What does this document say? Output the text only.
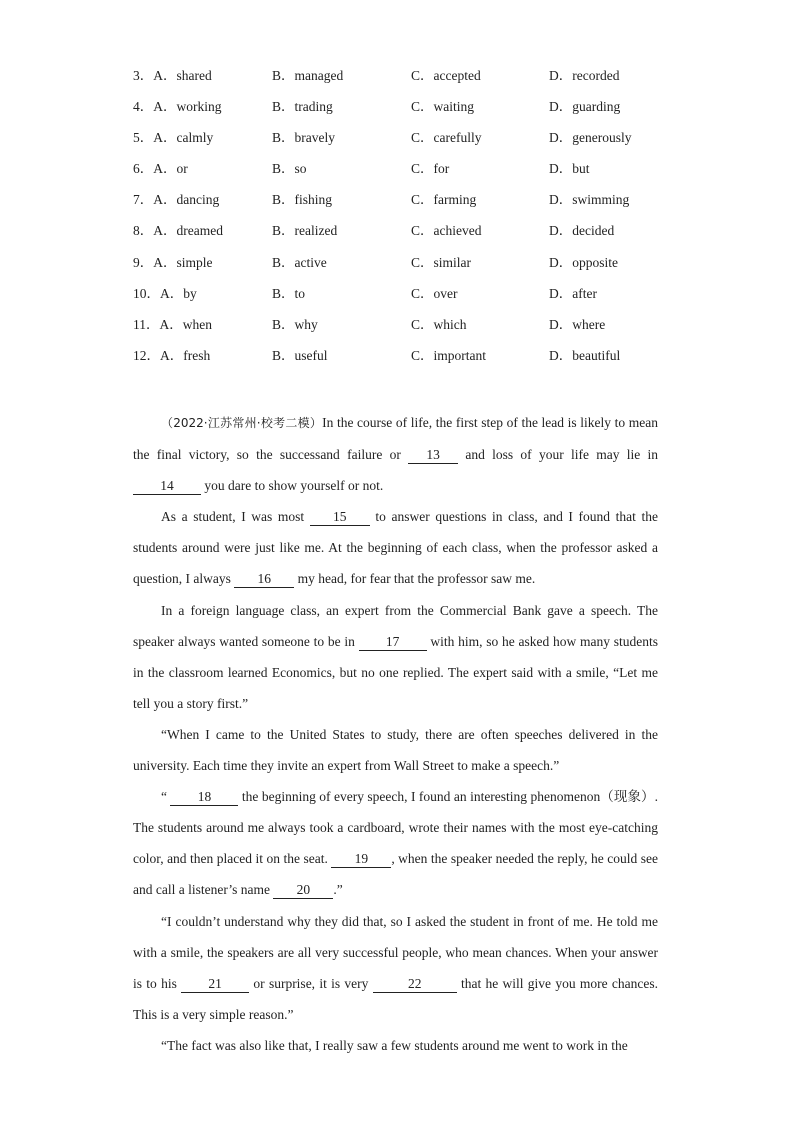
3． A． shared	B． managed	C． accepted	D． recorded
4． A． working	B． trading	C． waiting	D． guarding
5． A． calmly	B． bravely	C． carefully	D． generously
6． A． or	B． so	C． for	D． but
7． A． dancing	B． fishing	C． farming	D． swimming
8． A． dreamed	B． realized	C． achieved	D． decided
9． A． simple	B． active	C． similar	D． opposite
10． A． by	B． to	C． over	D． after
11． A． when	B． why	C． which	D． where
12． A． fresh	B． useful	C． important	D． beautiful

（2022·江苏常州·校考二模）In the course of life, the first step of the lead is likely to mean the final victory, so the successand failure or 13 and loss of your life may lie in 14 you dare to show yourself or not.

As a student, I was most 15 to answer questions in class, and I found that the students around were just like me. At the beginning of each class, when the professor asked a question, I always 16 my head, for fear that the professor saw me.

In a foreign language class, an expert from the Commercial Bank gave a speech. The speaker always wanted someone to be in 17 with him, so he asked how many students in the classroom learned Economics, but no one replied. The expert said with a smile, “Let me tell you a story first.”

“When I came to the United States to study, there are often speeches delivered in the university. Each time they invite an expert from Wall Street to make a speech.”

“ 18 the beginning of every speech, I found an interesting phenomenon（现象）. The students around me always took a cardboard, wrote their names with the most eye-catching color, and then placed it on the seat. 19 , when the speaker needed the reply, he could see and call a listener’s name 20 .”

“I couldn’t understand why they did that, so I asked the student in front of me. He told me with a smile, the speakers are all very successful people, who mean chances. When your answer is to his 21 or surprise, it is very	22	that he will give you more chances. This is a very simple reason.”

“The fact was also like that, I really saw a few students around me went to work in the
